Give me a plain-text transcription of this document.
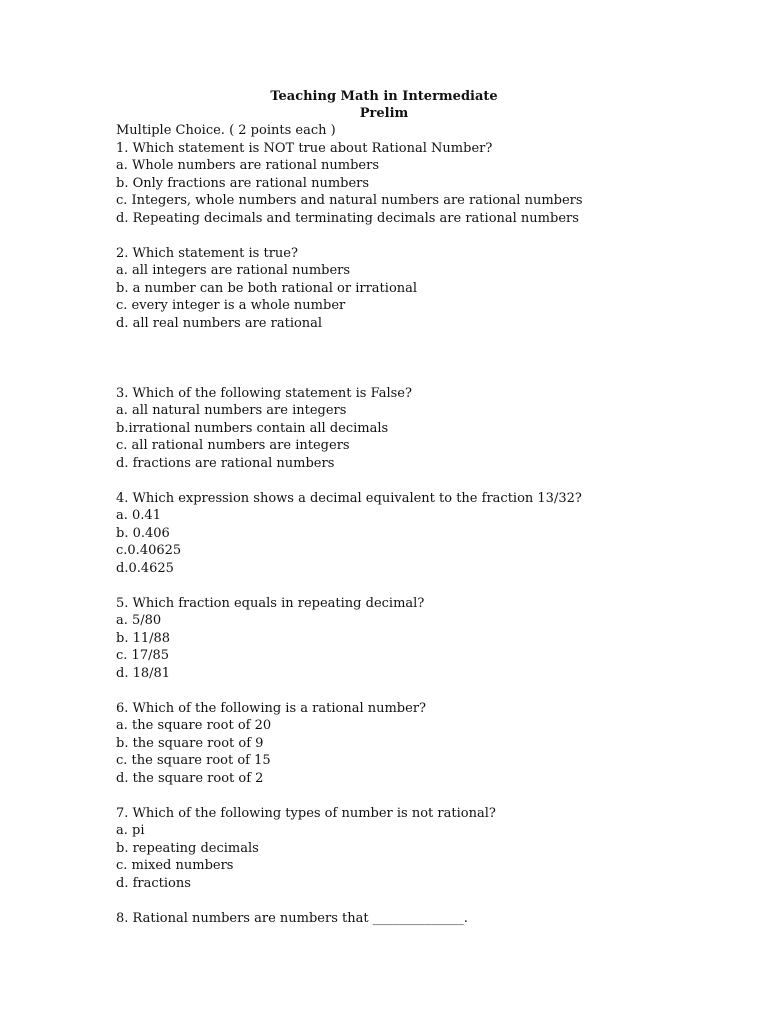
Teaching Math in Intermediate
Prelim
Multiple Choice. ( 2 points each )
1. Which statement is NOT true about Rational Number?
a. Whole numbers are rational numbers
b. Only fractions are rational numbers
c. Integers, whole numbers and natural numbers are rational numbers
d. Repeating decimals and terminating decimals are rational numbers
2. Which statement is true?
a. all integers are rational numbers
b. a number can be both rational or irrational
c. every integer is a whole number
d. all real numbers are rational
3. Which of the following statement is False?
a. all natural numbers are integers
b.irrational numbers contain all decimals
c. all rational numbers are integers
d. fractions are rational numbers
4. Which expression shows a decimal equivalent to the fraction 13/32?
a. 0.41
b. 0.406
c.0.40625
d.0.4625
5. Which fraction equals in repeating decimal?
a. 5/80
b. 11/88
c. 17/85
d. 18/81
6. Which of the following is a rational number?
a. the square root of 20
b. the square root of 9
c. the square root of 15
d. the square root of 2
7. Which of the following types of number is not rational?
a. pi
b. repeating decimals
c. mixed numbers
d. fractions
8. Rational numbers are numbers that ______________.
